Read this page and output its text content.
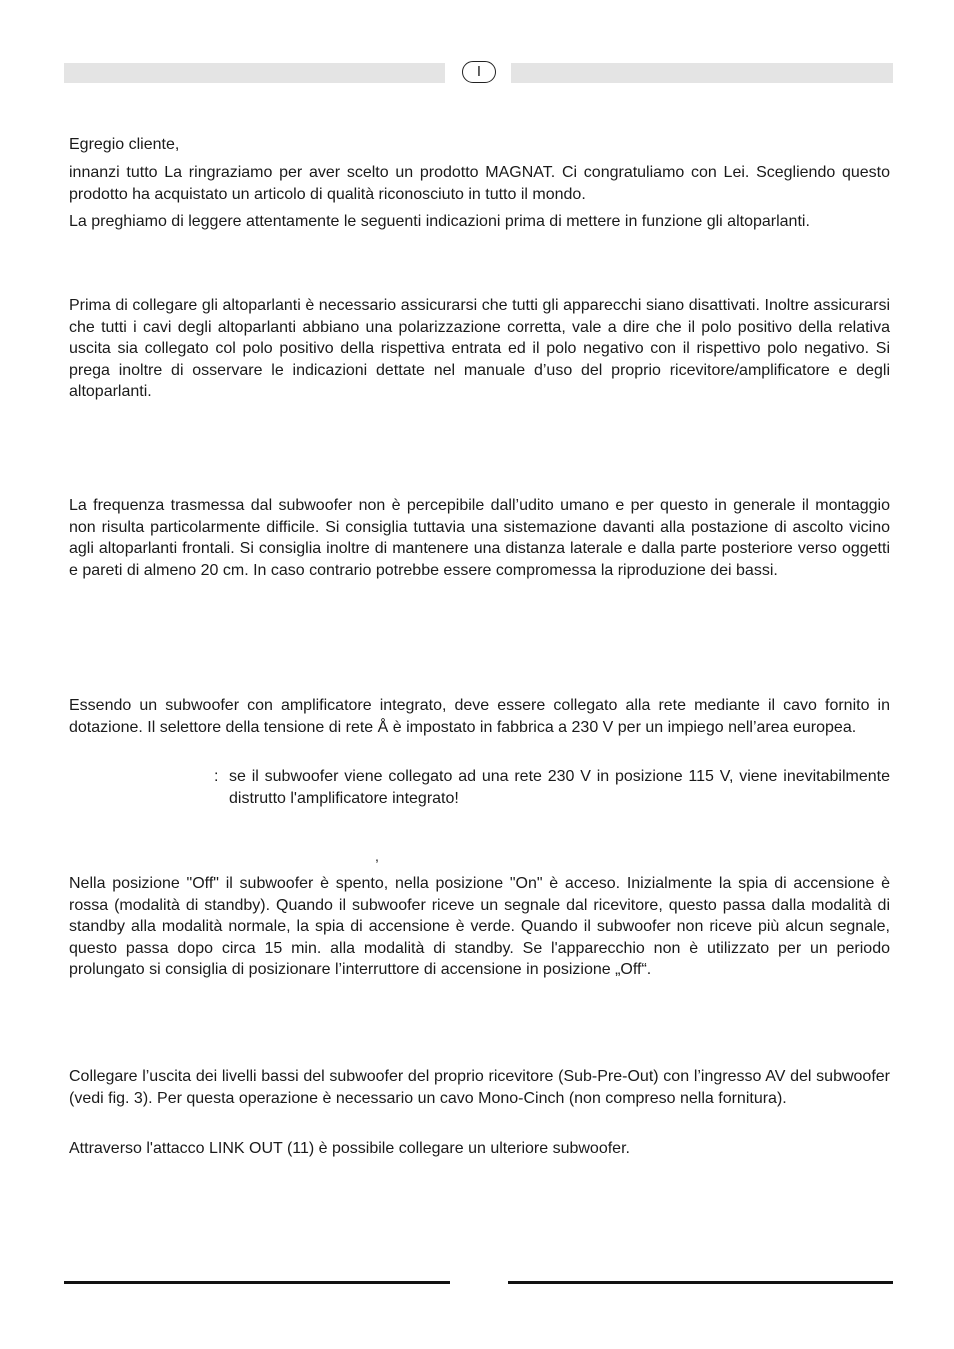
I

Egregio cliente,

innanzi tutto La ringraziamo per aver scelto un prodotto MAGNAT. Ci congratuliamo con Lei. Scegliendo questo prodotto ha acquistato un articolo di qualità riconosciuto in tutto il mondo.

La preghiamo di leggere attentamente le seguenti indicazioni prima di mettere in funzione gli altoparlanti.

Prima di collegare gli altoparlanti è necessario assicurarsi che tutti gli apparecchi siano disattivati. Inoltre assicurarsi che tutti i cavi degli altoparlanti abbiano una polarizzazione corretta, vale a dire che il polo positivo della relativa uscita sia collegato col polo positivo della rispettiva entrata ed il polo negativo con il rispettivo polo negativo. Si prega inoltre di osservare le indicazioni dettate nel manuale d’uso del proprio ricevitore/amplificatore e degli altoparlanti.

La frequenza trasmessa dal subwoofer non è percepibile dall’udito umano e per questo in generale il montaggio non risulta particolarmente difficile. Si consiglia tuttavia una sistemazione davanti alla postazione di ascolto vicino agli altoparlanti frontali. Si consiglia inoltre di mantenere una distanza laterale e dalla parte posteriore verso oggetti e pareti di almeno 20 cm. In caso contrario potrebbe essere compromessa la riproduzione dei bassi.

Essendo un subwoofer con amplificatore integrato, deve essere collegato alla rete mediante il cavo fornito in dotazione. Il selettore della tensione di rete Å è impostato in fabbrica a 230 V per un impiego nell’area europea.

: se il subwoofer viene collegato ad una rete 230 V in posizione 115 V, viene inevitabilmente distrutto l'amplificatore integrato!
,

Nella posizione "Off" il subwoofer è spento, nella posizione "On" è acceso. Inizialmente la spia di accensione è rossa (modalità di standby). Quando il subwoofer riceve un segnale dal ricevitore, questo passa dalla modalità di standby alla modalità normale, la spia di accensione è verde. Quando il subwoofer non riceve più alcun segnale, questo passa dopo circa 15 min. alla modalità di standby. Se l'apparecchio non è utilizzato per un periodo prolungato si consiglia di posizionare l’interruttore di accensione in posizione „Off“.

Collegare l’uscita dei livelli bassi del subwoofer del proprio ricevitore (Sub-Pre-Out) con l’ingresso AV del subwoofer (vedi fig. 3). Per questa operazione è necessario un cavo Mono-Cinch (non compreso nella fornitura).

Attraverso l'attacco LINK OUT (11) è possibile collegare un ulteriore subwoofer.
